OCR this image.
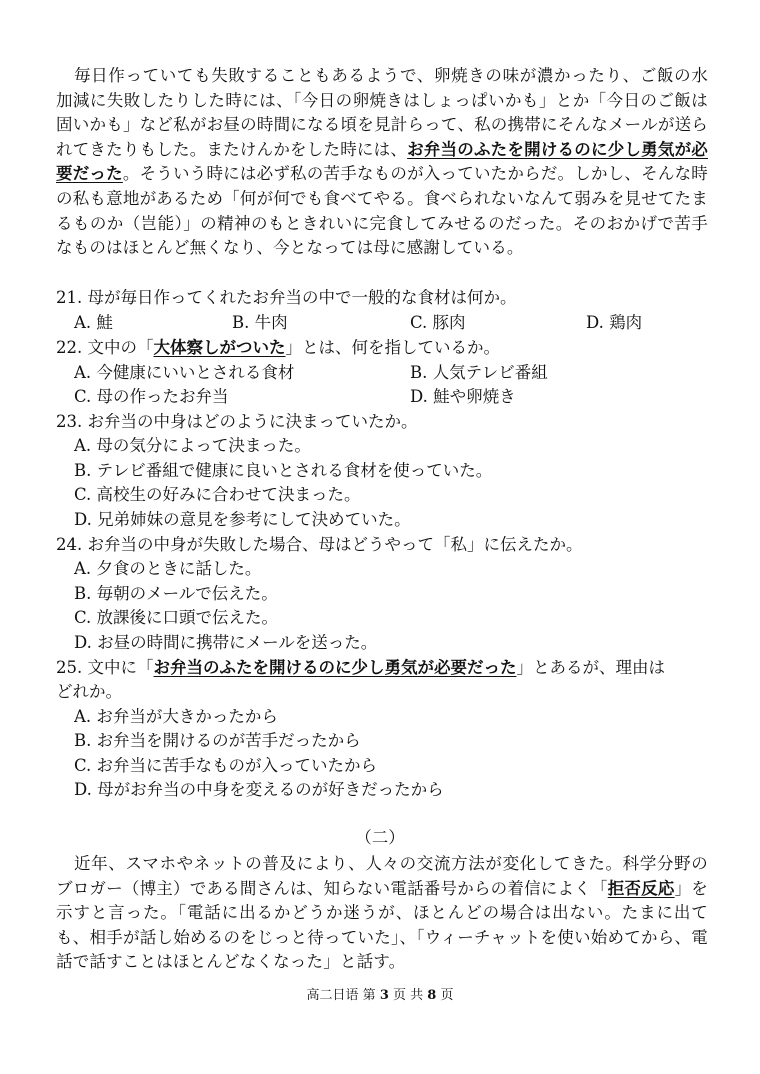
毎日作っていても失敗することもあるようで、卵焼きの味が濃かったり、ご飯の水加減に失敗したりした時には、「今日の卵焼きはしょっぱいかも」とか「今日のご飯は固いかも」など私がお昼の時間になる頃を見計らって、私の携帯にそんなメールが送られてきたりもした。またけんかをした時には、お弁当のふたを開けるのに少し勇気が必要だった。そういう時には必ず私の苦手なものが入っていたからだ。しかし、そんな時の私も意地があるため「何が何でも食べてやる。食べられないなんて弱みを見せてたまるものか（岂能）」の精神のもときれいに完食してみせるのだった。そのおかげで苦手なものはほとんど無くなり、今となっては母に感謝している。

21. 母が毎日作ってくれたお弁当の中で一般的な食材は何か。
A. 鮭	B. 牛肉	C. 豚肉	D. 鶏肉
22. 文中の「大体察しがついた」とは、何を指しているか。
A. 今健康にいいとされる食材	B. 人気テレビ番組
C. 母の作ったお弁当	D. 鮭や卵焼き
23. お弁当の中身はどのように決まっていたか。
A. 母の気分によって決まった。
B. テレビ番組で健康に良いとされる食材を使っていた。
C. 高校生の好みに合わせて決まった。
D. 兄弟姉妹の意見を参考にして決めていた。
24. お弁当の中身が失敗した場合、母はどうやって「私」に伝えたか。
A. 夕食のときに話した。
B. 毎朝のメールで伝えた。
C. 放課後に口頭で伝えた。
D. お昼の時間に携帯にメールを送った。
25. 文中に「お弁当のふたを開けるのに少し勇気が必要だった」とあるが、理由は
どれか。
A. お弁当が大きかったから
B. お弁当を開けるのが苦手だったから
C. お弁当に苦手なものが入っていたから
D. 母がお弁当の中身を変えるのが好きだったから
（二）

近年、スマホやネットの普及により、人々の交流方法が変化してきた。科学分野のブロガー（博主）である間さんは、知らない電話番号からの着信によく「拒否反応」を示すと言った。「電話に出るかどうか迷うが、ほとんどの場合は出ない。たまに出ても、相手が話し始めるのをじっと待っていた」、「ウィーチャットを使い始めてから、電話で話すことはほとんどなくなった」と話す。

高二日语 第 3 页 共 8 页
